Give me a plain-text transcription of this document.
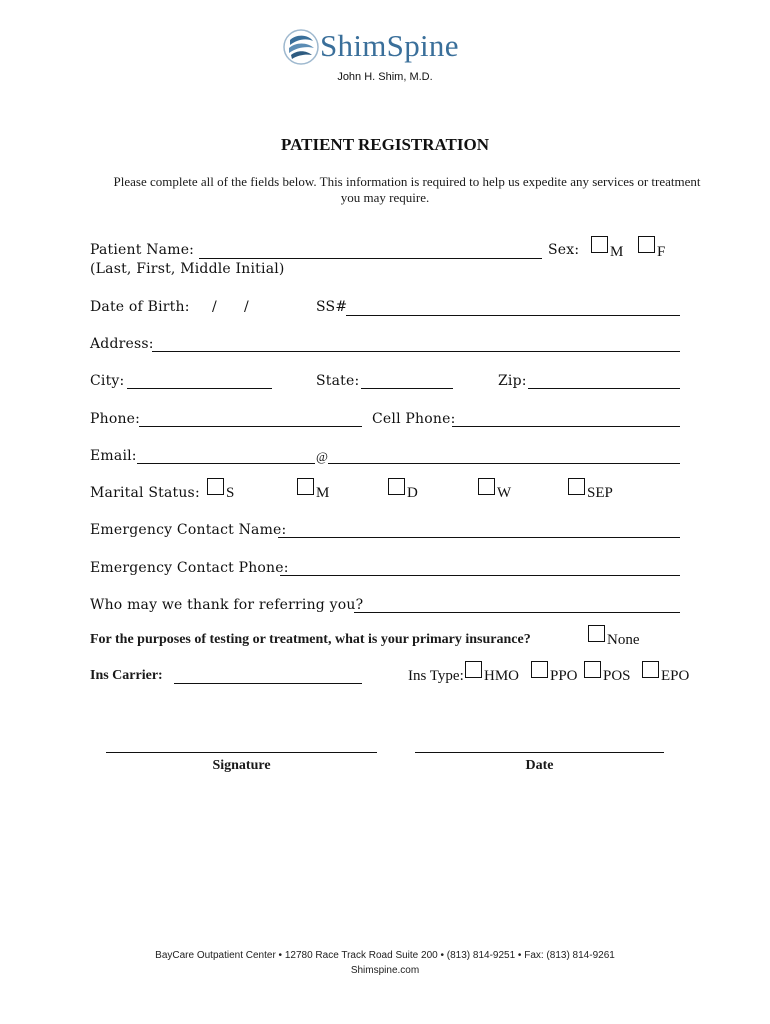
ShimSpine
John H. Shim, M.D.
PATIENT REGISTRATION
Please complete all of the fields below. This information is required to help us expedite any services or treatment
you may require.
Patient Name:	Sex: M F
(Last, First, Middle Initial)
Date of Birth: / /	SS#
Address:
City:	State:	Zip:
Phone:	Cell Phone:
Email:	@
Marital Status: S	M	D	W	SEP
Emergency Contact Name:
Emergency Contact Phone:
Who may we thank for referring you?
For the purposes of testing or treatment, what is your primary insurance?	None
Ins Carrier:	Ins Type: HMO PPO POS EPO
Signature	Date
BayCare Outpatient Center • 12780 Race Track Road Suite 200 • (813) 814-9251 • Fax: (813) 814-9261
Shimspine.com
